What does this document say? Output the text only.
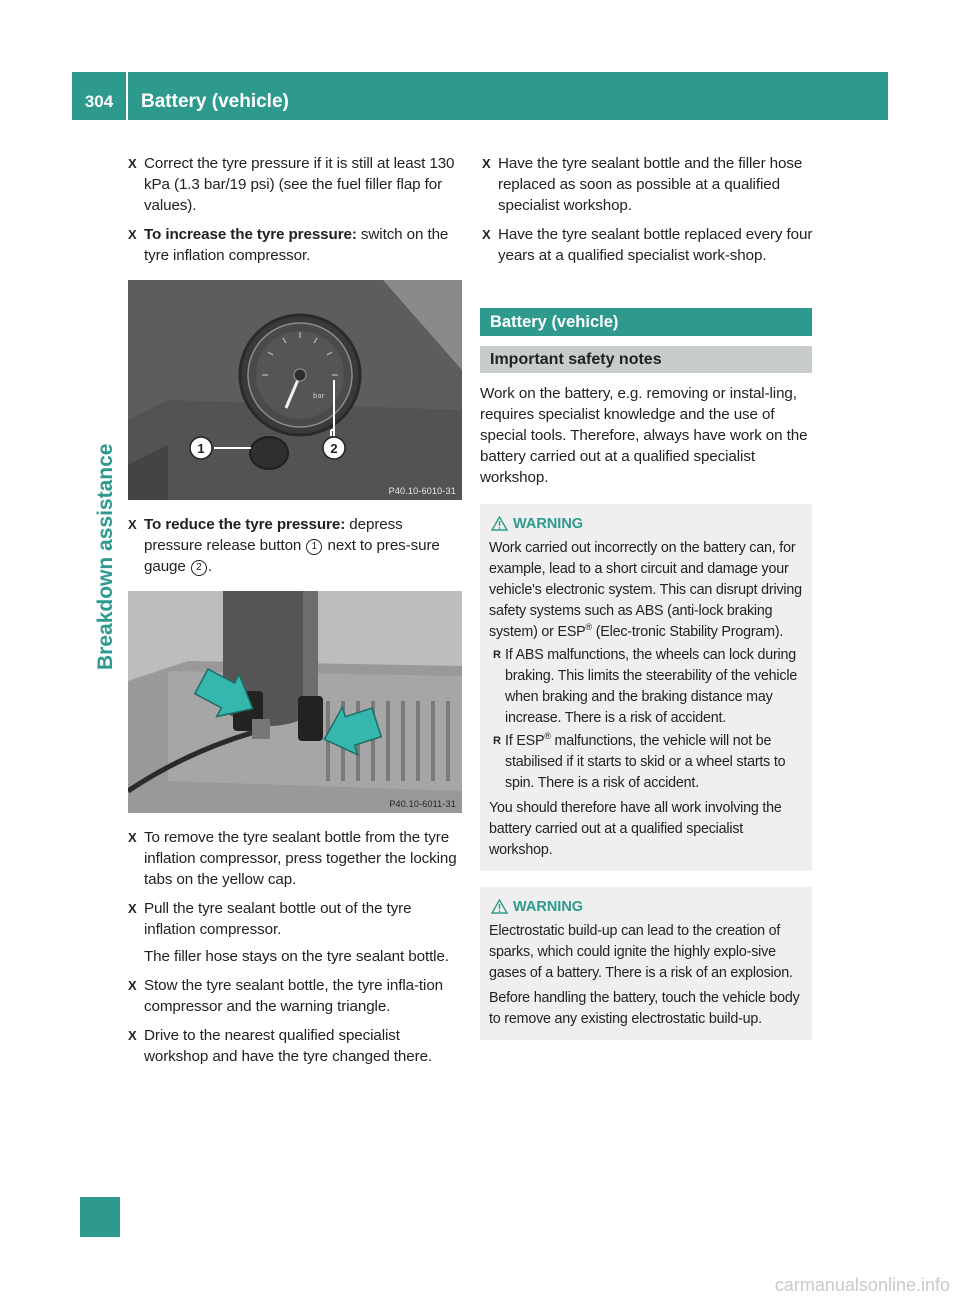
304	Battery (vehicle)
Breakdown assistance
X Correct the tyre pressure if it is still at least 130 kPa (1.3 bar/19 psi) (see the fuel filler flap for values).
X To increase the tyre pressure: switch on the tyre inflation compressor.
bar
1	2
P40.10-6010-31
X To reduce the tyre pressure: depress pressure release button 1 next to pres-sure gauge 2 .
P40.10-6011-31
X To remove the tyre sealant bottle from the tyre inflation compressor, press together the locking tabs on the yellow cap.
X Pull the tyre sealant bottle out of the tyre inflation compressor.
The filler hose stays on the tyre sealant bottle.
X Stow the tyre sealant bottle, the tyre infla-tion compressor and the warning triangle.
X Drive to the nearest qualified specialist workshop and have the tyre changed there.
X Have the tyre sealant bottle and the filler hose replaced as soon as possible at a qualified specialist workshop.
X Have the tyre sealant bottle replaced every four years at a qualified specialist work-shop.
Battery (vehicle)
Important safety notes
Work on the battery, e.g. removing or instal-ling, requires specialist knowledge and the use of special tools. Therefore, always have work on the battery carried out at a qualified specialist workshop.
WARNING

Work carried out incorrectly on the battery can, for example, lead to a short circuit and damage your vehicle's electronic system. This can disrupt driving safety systems such as ABS (anti-lock braking system) or ESP® (Elec-tronic Stability Program).

R If ABS malfunctions, the wheels can lock during braking. This limits the steerability of the vehicle when braking and the braking distance may increase. There is a risk of accident.
R If ESP® malfunctions, the vehicle will not be stabilised if it starts to skid or a wheel starts to spin. There is a risk of accident.

You should therefore have all work involving the battery carried out at a qualified specialist workshop.

WARNING

Electrostatic build-up can lead to the creation of sparks, which could ignite the highly explo-sive gases of a battery. There is a risk of an explosion.

Before handling the battery, touch the vehicle body to remove any existing electrostatic build-up.

carmanualsonline.info
